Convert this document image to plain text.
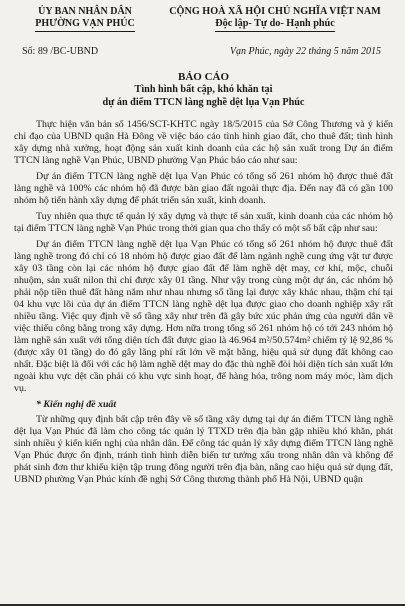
ỦY BAN NHÂN DÂN
PHƯỜNG VẠN PHÚC
CỘNG HOÀ XÃ HỘI CHỦ NGHĨA VIỆT NAM
Độc lập- Tự do- Hạnh phúc
Số: 89 /BC-UBND	Vạn Phúc, ngày 22 tháng 5 năm 2015
BÁO CÁO
Tình hình bất cập, khó khăn tại
dự án điểm TTCN làng nghề dệt lụa Vạn Phúc

Thực hiện văn bản số 1456/SCT-KHTC ngày 18/5/2015 của Sở Công Thương và ý kiến chỉ đạo của UBND quận Hà Đông về việc báo cáo tình hình giao đất, cho thuê đất; tình hình xây dựng nhà xưởng, hoạt động sản xuất kinh doanh của các hộ sản xuất trong Dự án điểm TTCN làng nghề Vạn Phúc, UBND phường Vạn Phúc báo cáo như sau:

Dự án điểm TTCN làng nghề dệt lụa Vạn Phúc có tổng số 261 nhóm hộ được thuê đất làng nghề và 100% các nhóm hộ đã được bàn giao đất ngoài thực địa. Đến nay đã có gần 100 nhóm hộ tiến hành xây dựng để phát triển sản xuất, kinh doanh.

Tuy nhiên qua thực tế quản lý xây dựng và thực tế sản xuất, kinh doanh của các nhóm hộ tại điểm TTCN làng nghề Vạn Phúc trong thời gian qua cho thấy có một số bất cập như sau:

Dự án điểm TTCN làng nghề dệt lụa Vạn Phúc có tổng số 261 nhóm hộ được thuê đất làng nghề trong đó chỉ có 18 nhóm hộ được giao đất để làm ngành nghề cung ứng vật tư được xây 03 tầng còn lại các nhóm hộ được giao đất để làm nghề dệt may, cơ khí, mộc, chuỗi nhuộm, sản xuất nilon thì chỉ được xây 01 tầng. Như vậy trong cùng một dự án, các nhóm hộ phải nộp tiền thuê đất hàng năm như nhau nhưng số tầng lại được xây khác nhau, thậm chí tại 04 khu vực lõi của dự án điểm TTCN làng nghề dệt lụa được giao cho doanh nghiệp xây rất nhiều tầng. Việc quy định về số tầng xây như trên đã gây bức xúc phản ứng của người dân về việc thiếu công bằng trong xây dựng. Hơn nữa trong tổng số 261 nhóm hộ có tới 243 nhóm hộ làm nghề sản xuất với tổng diện tích đất được giao là 46.964 m²/50.574m² chiếm tỷ lệ 92,86 % (được xây 01 tầng) do đó gây lãng phí rất lớn về mặt bằng, hiệu quả sử dụng đất không cao nhất. Đặc biệt là đối với các hộ làm nghề dệt may do đặc thù nghề đòi hỏi diện tích sản xuất lớn ngoài khu vực dệt cần phải có khu vực sinh hoạt, để hàng hóa, trông nom máy móc, làm dịch vụ.

* Kiến nghị đề xuất

Từ những quy định bất cập trên đây về số tầng xây dựng tại dự án điểm TTCN làng nghề dệt lụa Vạn Phúc đã làm cho công tác quản lý TTXD trên địa bàn gặp nhiều khó khăn, phát sinh nhiều ý kiến kiến nghị của nhân dân. Để công tác quản lý xây dựng điểm TTCN làng nghề Vạn Phúc được ổn định, tránh tình hình diễn biến tư tưởng xấu trong nhân dân và không để phát sinh đơn thư khiếu kiện tập trung đông người trên địa bàn, nâng cao hiệu quả sử dụng đất, UBND phường Vạn Phúc kính đề nghị Sở Công thương thành phố Hà Nội, UBND quận
